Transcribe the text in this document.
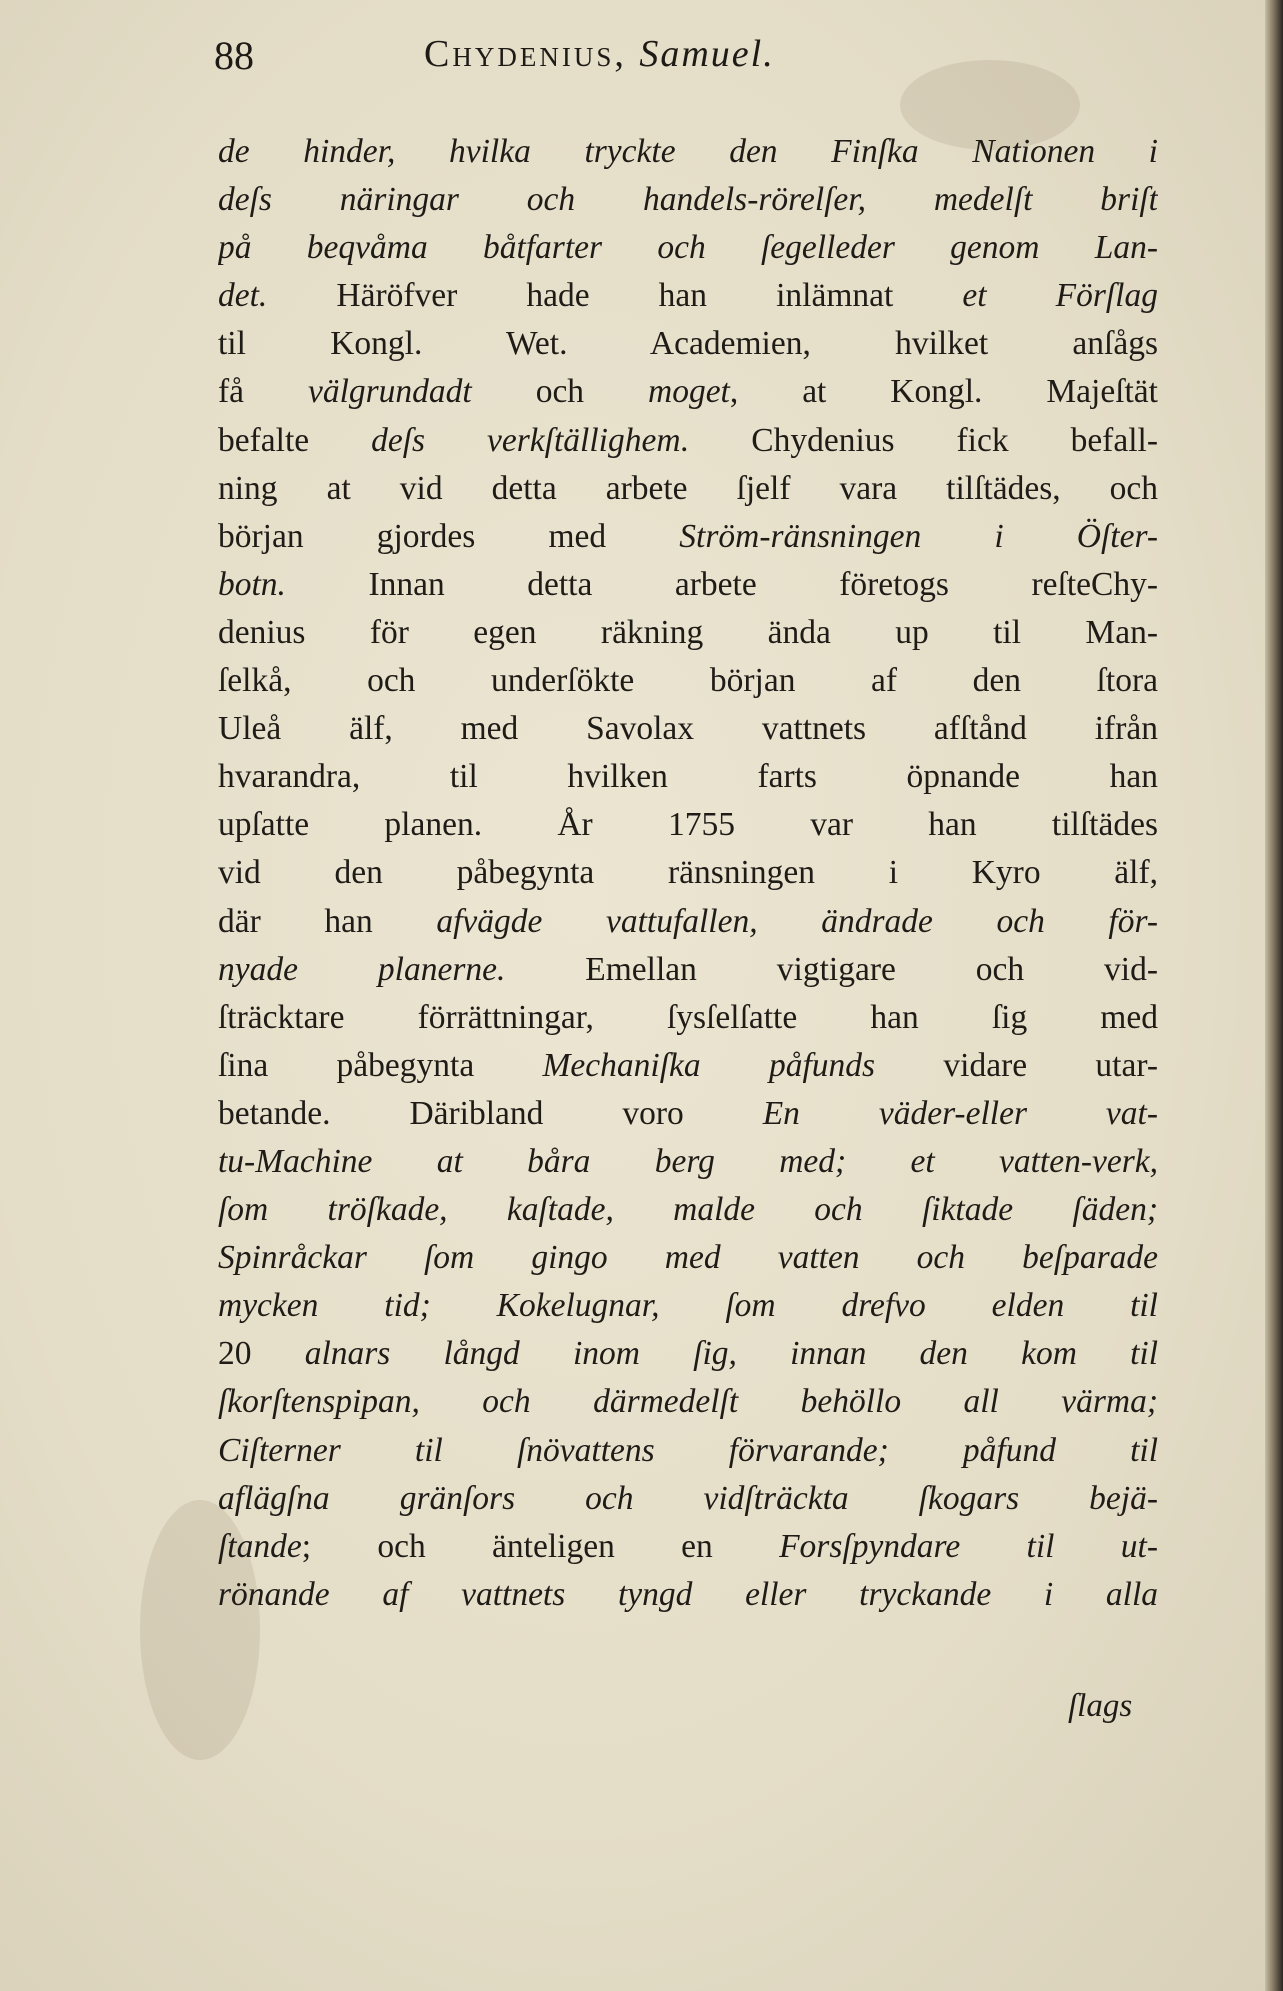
88	Chydenius, Samuel.
de hinder, hvilka tryckte den Finſka Nationen i
deſs näringar och handels-rörelſer, medelſt briſt
på beqvåma båtfarter och ſegelleder genom Lan-
det. Häröfver hade han inlämnat et Förſlag
til Kongl. Wet. Academien, hvilket anſågs
få välgrundadt och moget, at Kongl. Majeſtät
befalte deſs verkſtälligheт. Chydenius fick befall-
ning at vid detta arbete ſjelf vara tilſtädes, och
början gjordes med Ström-ränsningen i Öſter-
botn. Innan detta arbete företogs reſteChy-
denius för egen räkning ända up til Man-
ſelkå, och underſökte början af den ſtora
Uleå älf, med Savolax vattnets afſtånd ifrån
hvarandra, til hvilken farts öpnande han
upſatte planen. År 1755 var han tilſtädes
vid den påbegynta ränsningen i Kyro älf,
där han afvägde vattufallen, ändrade och för-
nyade planerne. Emellan vigtigare och vid-
ſträcktare förrättningar, ſysſelſatte han ſig med
ſina påbegynta Mechaniſka påfunds vidare utar-
betande. Däribland voro En väder-eller vat-
tu-Machine at båra berg med; et vatten-verk,
ſom tröſkade, kaſtade, malde och ſiktade ſäden;
Spinråckar ſom gingo med vatten och beſparade
mycken tid; Kokelugnar, ſom drefvo elden til
20 alnars långd inom ſig, innan den kom til
ſkorſtenspipan, och därmedelſt behöllo all värma;
Ciſterner til ſnövattens förvarande; påfund til
aflägſna gränſors och vidſträckta ſkogars bejä-
ſtande; och änteligen en Forsſpyndare til ut-
rönande af vattnets tyngd eller tryckande i alla
ſlags
